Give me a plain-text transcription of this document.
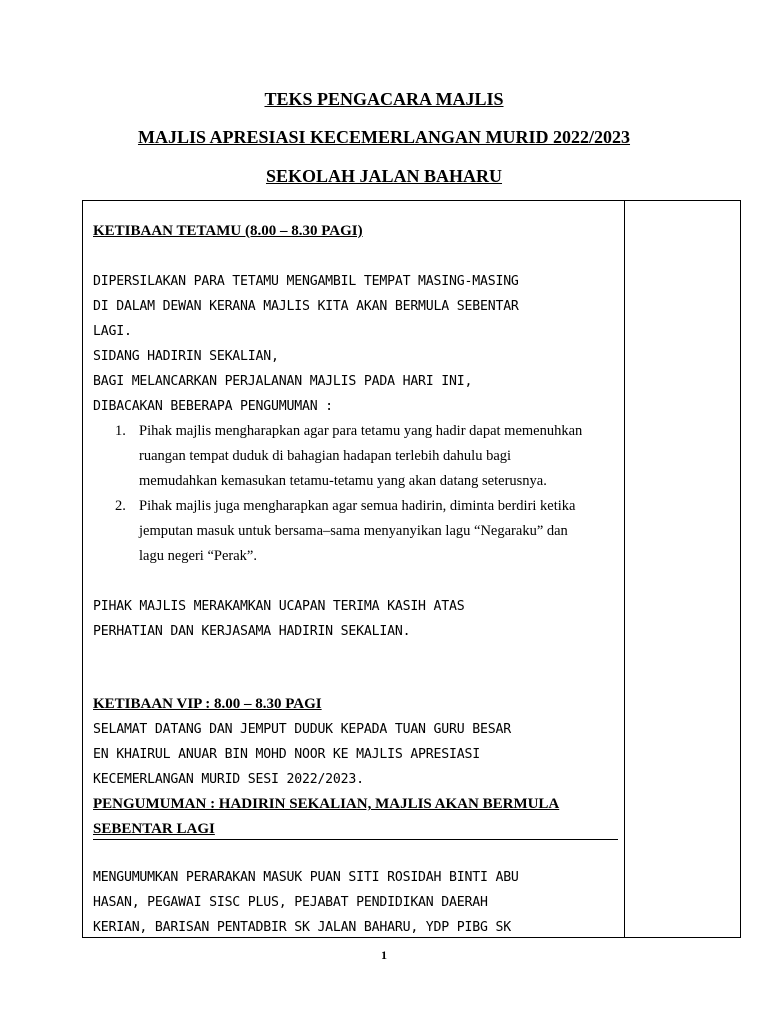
TEKS PENGACARA MAJLIS
MAJLIS APRESIASI KECEMERLANGAN MURID 2022/2023
SEKOLAH JALAN BAHARU

KETIBAAN TETAMU (8.00 – 8.30 PAGI)

DIPERSILAKAN PARA TETAMU MENGAMBIL TEMPAT MASING-MASING

DI DALAM DEWAN KERANA MAJLIS KITA AKAN BERMULA SEBENTAR

LAGI.

SIDANG HADIRIN SEKALIAN,

BAGI MELANCARKAN PERJALANAN MAJLIS PADA HARI INI,

DIBACAKAN BEBERAPA PENGUMUMAN :

1. Pihak majlis mengharapkan agar para tetamu yang hadir dapat memenuhkan

ruangan tempat duduk di bahagian hadapan terlebih dahulu bagi

memudahkan kemasukan tetamu-tetamu yang akan datang seterusnya.

2. Pihak majlis juga mengharapkan agar semua hadirin, diminta berdiri ketika

jemputan masuk untuk bersama–sama menyanyikan lagu “Negaraku” dan

lagu negeri “Perak”.

PIHAK MAJLIS MERAKAMKAN UCAPAN TERIMA KASIH ATAS

PERHATIAN DAN KERJASAMA HADIRIN SEKALIAN.

KETIBAAN VIP : 8.00 – 8.30 PAGI

SELAMAT DATANG DAN JEMPUT DUDUK KEPADA TUAN GURU BESAR

EN KHAIRUL ANUAR BIN MOHD NOOR KE MAJLIS APRESIASI

KECEMERLANGAN MURID SESI 2022/2023.

PENGUMUMAN : HADIRIN SEKALIAN, MAJLIS AKAN BERMULA

SEBENTAR LAGI

MENGUMUMKAN PERARAKAN MASUK PUAN SITI ROSIDAH BINTI ABU

HASAN, PEGAWAI SISC PLUS, PEJABAT PENDIDIKAN DAERAH

KERIAN, BARISAN PENTADBIR SK JALAN BAHARU, YDP PIBG SK

1
